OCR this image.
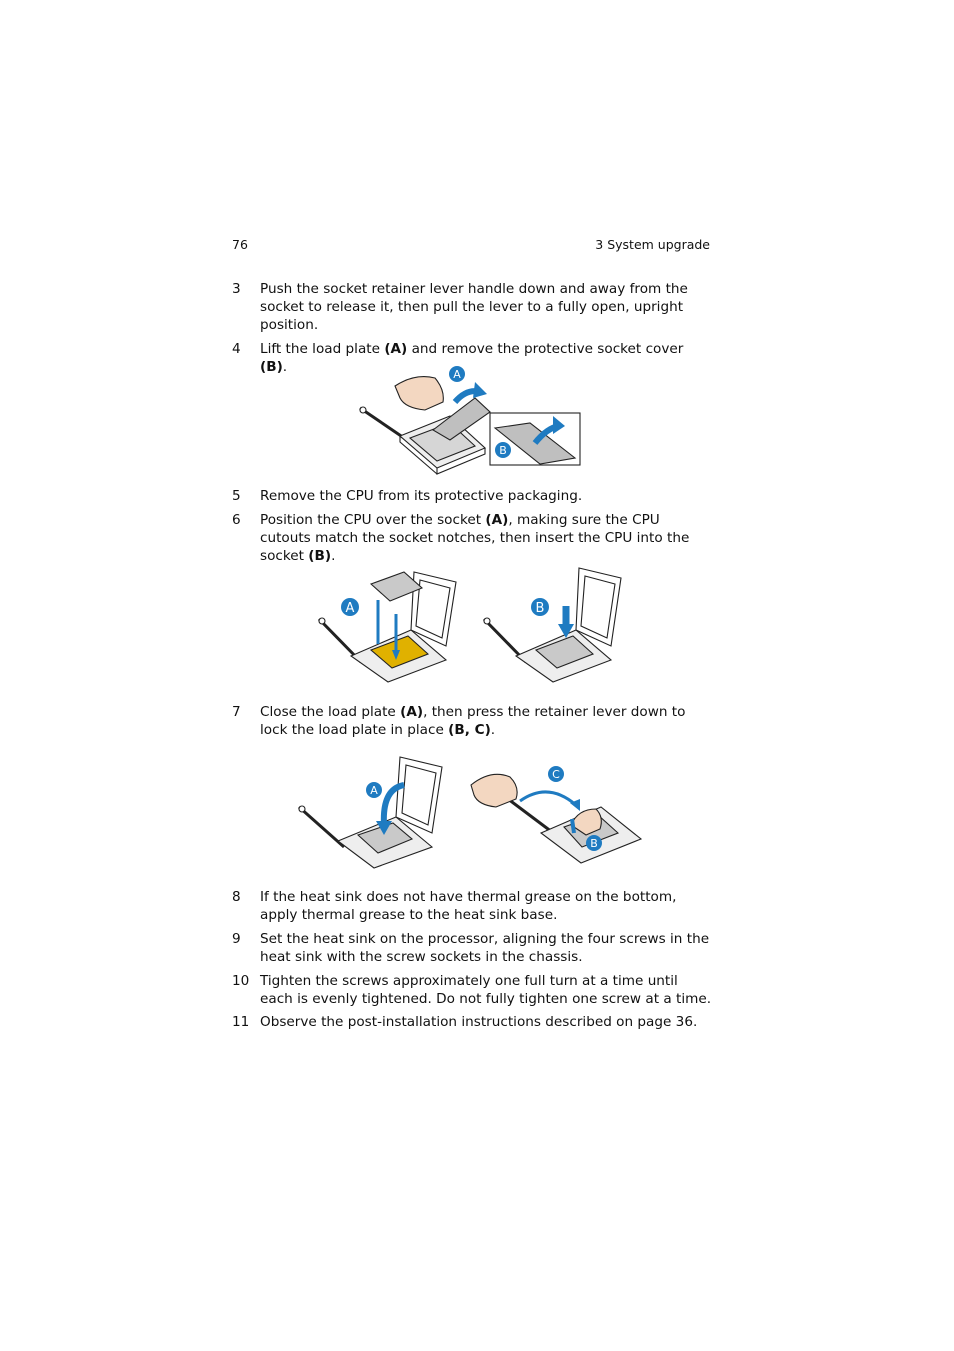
76	3 System upgrade
3 Push the socket retainer lever handle down and away from the socket to release it, then pull the lever to a fully open, upright position.
4 Lift the load plate (A) and remove the protective socket cover (B).	A
B
5 Remove the CPU from its protective packaging.
6 Position the CPU over the socket (A), making sure the CPU cutouts match the socket notches, then insert the CPU into the socket (B).
A	B
7 Close the load plate (A), then press the retainer lever down to lock the load plate in place (B, C).
A
B
C
8 If the heat sink does not have thermal grease on the bottom, apply thermal grease to the heat sink base.
9 Set the heat sink on the processor, aligning the four screws in the heat sink with the screw sockets in the chassis.
10 Tighten the screws approximately one full turn at a time until each is evenly tightened. Do not fully tighten one screw at a time.
11 Observe the post-installation instructions described on page 36.
